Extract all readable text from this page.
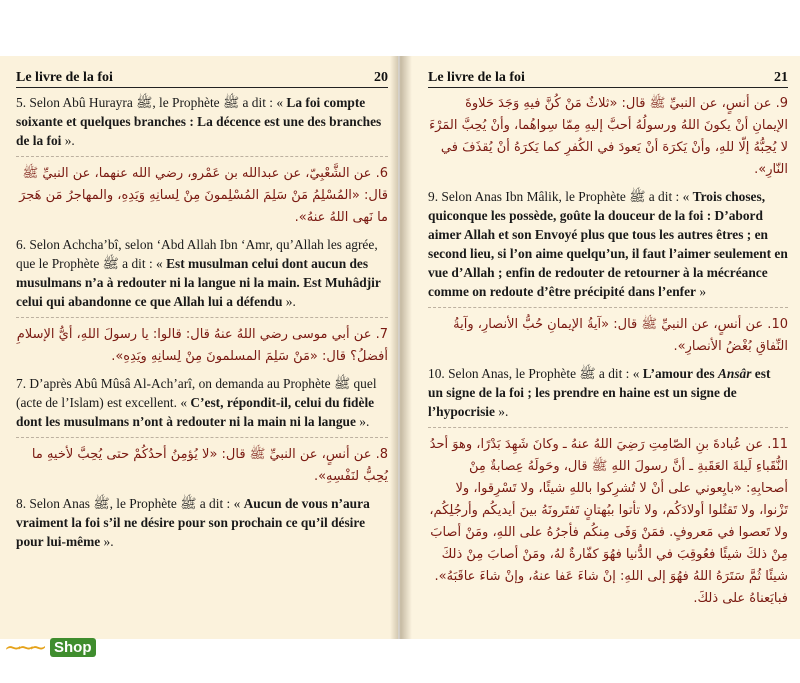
Le livre de la foi	20

5. Selon Abû Hurayra ﷺ, le Prophète ﷺ a dit : « La foi compte soixante et quelques branches : La décence est une des branches de la foi ».

6. عن الشَّعْبِيّ، عن عبدالله بن عَمْرو، رضي الله عنهما، عن النبيِّ ﷺ قال: «المُسْلِمُ مَنْ سَلِمَ المُسْلِمونَ مِنْ لِسانِهِ وَيَدِهِ، والمهاجرُ مَن هَجرَ ما نَهى اللهُ عنهُ».

6. Selon Achcha’bî, selon ‘Abd Allah Ibn ‘Amr, qu’Allah les agrée, que le Prophète ﷺ a dit : « Est musulman celui dont aucun des musulmans n’a à redouter ni la langue ni la main. Est Muhâdjir celui qui abandonne ce que Allah lui a défendu ».

7. عن أبي موسى رضي اللهُ عنهُ قال: قالوا: يا رسولَ اللهِ، أيُّ الإسلامِ أفضلُ؟ قال: «مَنْ سَلِمَ المسلمونَ مِنْ لِسانِهِ ويَدِهِ».

7. D’après Abû Mûsâ Al-Ach’arî, on demanda au Prophète ﷺ quel (acte de l’Islam) est excellent. « C’est, répondit-il, celui du fidèle dont les musulmans n’ont à redouter ni la main ni la langue ».

8. عن أنسٍ، عن النبيِّ ﷺ قال: «لا يُؤمِنُ أحدُكُمْ حتى يُحِبَّ لأخيهِ ما يُحِبُّ لنَفْسِهِ».

8. Selon Anas ﷺ, le Prophète ﷺ a dit : « Aucun de vous n’aura vraiment la foi s’il ne désire pour son prochain ce qu’il désire pour lui-même ».

Le livre de la foi	21

9. عن أنسٍ، عن النبيِّ ﷺ قال: «ثلاثٌ مَنْ كُنَّ فيهِ وَجَدَ حَلاوةَ الإيمانِ أنْ يكونَ اللهُ ورسولُهُ أحبَّ إليهِ مِمّا سِواهُما، وأنْ يُحِبَّ المَرْءَ لا يُحِبُّهُ إلّا للهِ، وأنْ يَكرَهَ أنْ يَعودَ في الكُفرِ كما يَكرَهُ أنْ يُقذَفَ في النّارِ».

9. Selon Anas Ibn Mâlik, le Prophète ﷺ a dit : « Trois choses, quiconque les possède, goûte la douceur de la foi : D’abord aimer Allah et son Envoyé plus que tous les autres êtres ; en second lieu, si l’on aime quelqu’un, il faut l’aimer seulement en vue d’Allah ; enfin de redouter de retourner à la mécréance comme on redoute d’être précipité dans l’enfer »

10. عن أنسٍ، عن النبيِّ ﷺ قال: «آيةُ الإيمانِ حُبُّ الأنصارِ، وآيةُ النِّفاقِ بُغْضُ الأنصارِ».

10. Selon Anas, le Prophète ﷺ a dit : « L’amour des Ansâr est un signe de la foi ; les prendre en haine est un signe de l’hypocrisie ».

11. عن عُبادةَ بنِ الصّامِتِ رَضِيَ اللهُ عنهُ ـ وكانَ شَهِدَ بَدْرًا، وهوَ أحدُ النُّقَباءِ لَيلةَ العَقَبةِ ـ أنَّ رسولَ اللهِ ﷺ قال، وحَولَهُ عِصابةٌ مِنْ أصحابِهِ: «بايِعوني على أنْ لا تُشرِكوا باللهِ شيئًا، ولا تَسْرِقوا، ولا تَزْنوا، ولا تَقتُلوا أولادَكُم، ولا تأتوا ببُهتانٍ تَفتَرونَهُ بينَ أيديكُم وأرجُلِكُم، ولا تَعصوا في مَعروفٍ. فمَنْ وَفَى مِنكُم فأجرُهُ على اللهِ، ومَنْ أصابَ مِنْ ذلكَ شيئًا فعُوقِبَ في الدُّنيا فهُوَ كفّارةٌ لهُ، ومَنْ أصابَ مِنْ ذلكَ شيئًا ثُمَّ سَتَرَهُ اللهُ فهُوَ إلى اللهِ: إنْ شاءَ عَفا عنهُ، وإنْ شاءَ عاقَبَهُ». فبايَعناهُ على ذلكَ.

~~~ Shop
